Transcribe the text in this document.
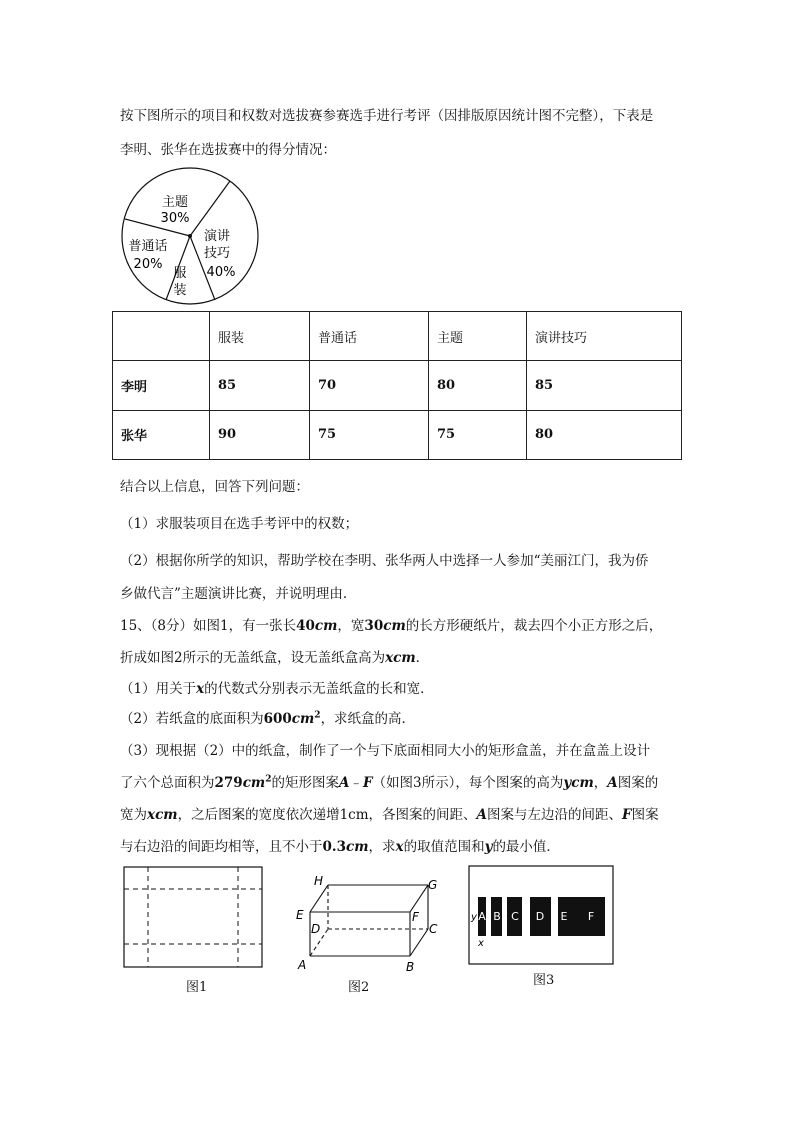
按下图所示的项目和权数对选拔赛参赛选手进行考评（因排版原因统计图不完整），下表是
李明、张华在选拔赛中的得分情况：
主题
30%
演讲
技巧
40%
服
装
普通话
20%
	服装	普通话	主题	演讲技巧
李明	85	70	80	85
张华	90	75	75	80
结合以上信息，回答下列问题：
（1）求服装项目在选手考评中的权数；
（2）根据你所学的知识，帮助学校在李明、张华两人中选择一人参加“美丽江门，我为侨
乡做代言”主题演讲比赛，并说明理由．
15、（8分）如图1，有一张长40cm，宽30cm的长方形硬纸片，裁去四个小正方形之后，
折成如图2所示的无盖纸盒，设无盖纸盒高为xcm．
（1）用关于x的代数式分别表示无盖纸盒的长和宽．
（2）若纸盒的底面积为$600cm^2$，求纸盒的高．
（3）现根据（2）中的纸盒，制作了一个与下底面相同大小的矩形盒盖，并在盒盖上设计
了六个总面积为$279cm^2$的矩形图案A﹣F（如图3所示），每个图案的高为ycm，A图案的
宽为xcm，之后图案的宽度依次递增1cm，各图案的间距、A图案与左边沿的间距、F图案
与右边沿的间距均相等，且不小于0.3cm，求x的取值范围和y的最小值．
图1
H	G
E	F
D	C
A	B
图2
A B C D E F
y
x
图3
